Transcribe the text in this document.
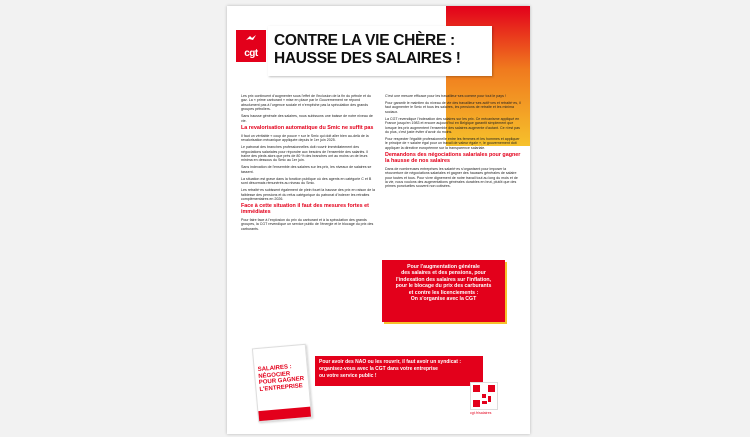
cgt
CONTRE LA VIE CHÈRE :
HAUSSE DES SALAIRES !

Les prix continuent d'augmenter sous l'effet de l'inclusion de la fin du pétrole et du gaz. La « prime carburant » mise en place par le Gouvernement ne répond absolument pas à l'urgence sociale et n'empêche pas la spéculation des grands groupes pétroliers.

Sans hausse générale des salaires, nous subissons une baisse de notre niveau de vie.

La revalorisation automatique du Smic ne suffit pas

Il faut un véritable « coup de pouce » sur le Smic qui doit aller bien au-delà de la revalorisation mécanique appliquée depuis le 1er juin 2025.

Le patronat des branches professionnelles doit rouvrir immédiatement des négociations salariales pour répondre aux besoins de l'ensemble des salariés. Il traîne des pieds alors que près de 80 % des branches ont au moins un de leurs minima en dessous du Smic au 1er juin.

Sans indexation de l'ensemble des salaires sur les prix, les niveaux de salaires se tassent.

La situation est grave dans la fonction publique où des agents en catégorie C et B sont désormais rémunérés au niveau du Smic.

Les retraité·es subissent également de plein fouet la hausse des prix en raison de la faiblesse des pensions et du refus catégorique du patronat d'indexer les retraites complémentaires en 2026.

Face à cette situation il faut des mesures fortes et immédiates

Pour faire face à l'explosion du prix du carburant et à la spéculation des grands groupes, la CGT revendique un service public de l'énergie et le blocage du prix des carburants.

C'est une mesure efficace pour les travailleur·ses comme pour tout le pays !

Pour garantir le maintien du niveau de vie des travailleur·ses actif·ves et retraité·es, il faut augmenter le Smic et tous les salaires, les pensions de retraite et les minima sociaux.

La CGT revendique l'indexation des salaires sur les prix. Ce mécanisme appliqué en France jusqu'en 1983 et encore aujourd'hui en Belgique garantit simplement que lorsque les prix augmentent l'ensemble des salaires augmente d'autant. Ce n'est pas du plus, c'est juste éviter d'avoir du moins.

Pour respecter l'égalité professionnelle entre les femmes et les hommes et appliquer le principe de « salaire égal pour un travail de valeur égale », le gouvernement doit appliquer la directive européenne sur la transparence salariale.

Demandons des négociations salariales pour gagner la hausse de nos salaires

Dans de nombreuses entreprises les salarié·es s'organisent pour imposer la réouverture de négociations salariales et gagner des hausses générales de salaire pour toutes et tous. Pour vivre dignement de notre travail tout au long du mois et de la vie, nous voulons des augmentations générales durables en brut, plutôt que des primes ponctuelles souvent non cotisées.

Pour l'augmentation générale
des salaires et des pensions, pour
l'indexation des salaires sur l'inflation,
pour le blocage du prix des carburants
et contre les licenciements :
On s'organise avec la CGT
SALAIRES : NÉGOCIER POUR GAGNER L'ENTREPRISE
Pour avoir des NAO ou les rouvrir, il faut avoir un syndicat :
organisez-vous avec la CGT dans votre entreprise
ou votre service public !
cgt.fr/salaires
